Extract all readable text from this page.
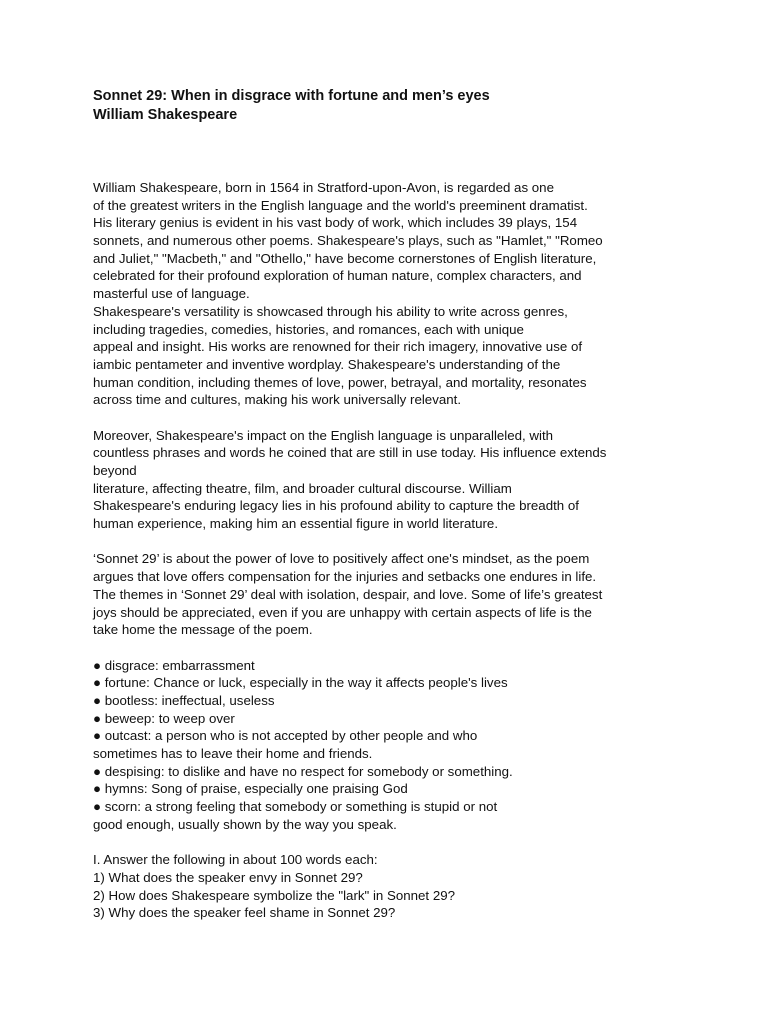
Sonnet 29: When in disgrace with fortune and men’s eyes
William Shakespeare
William Shakespeare, born in 1564 in Stratford-upon-Avon, is regarded as one
of the greatest writers in the English language and the world's preeminent dramatist.
His literary genius is evident in his vast body of work, which includes 39 plays, 154
sonnets, and numerous other poems. Shakespeare's plays, such as "Hamlet," "Romeo
and Juliet," "Macbeth," and "Othello," have become cornerstones of English literature,
celebrated for their profound exploration of human nature, complex characters, and
masterful use of language.
Shakespeare's versatility is showcased through his ability to write across genres,
including tragedies, comedies, histories, and romances, each with unique
appeal and insight. His works are renowned for their rich imagery, innovative use of
iambic pentameter and inventive wordplay. Shakespeare's understanding of the
human condition, including themes of love, power, betrayal, and mortality, resonates
across time and cultures, making his work universally relevant.
Moreover, Shakespeare's impact on the English language is unparalleled, with
countless phrases and words he coined that are still in use today. His influence extends
beyond
literature, affecting theatre, film, and broader cultural discourse. William
Shakespeare's enduring legacy lies in his profound ability to capture the breadth of
human experience, making him an essential figure in world literature.
‘Sonnet 29’ is about the power of love to positively affect one's mindset, as the poem
argues that love offers compensation for the injuries and setbacks one endures in life.
The themes in ‘Sonnet 29’ deal with isolation, despair, and love. Some of life’s greatest
joys should be appreciated, even if you are unhappy with certain aspects of life is the
take home the message of the poem.
● disgrace: embarrassment
● fortune: Chance or luck, especially in the way it affects people's lives
● bootless: ineffectual, useless
● beweep: to weep over
● outcast: a person who is not accepted by other people and who
sometimes has to leave their home and friends.
● despising: to dislike and have no respect for somebody or something.
● hymns: Song of praise, especially one praising God
● scorn: a strong feeling that somebody or something is stupid or not
good enough, usually shown by the way you speak.
I. Answer the following in about 100 words each:
1) What does the speaker envy in Sonnet 29?
2) How does Shakespeare symbolize the "lark" in Sonnet 29?
3) Why does the speaker feel shame in Sonnet 29?
